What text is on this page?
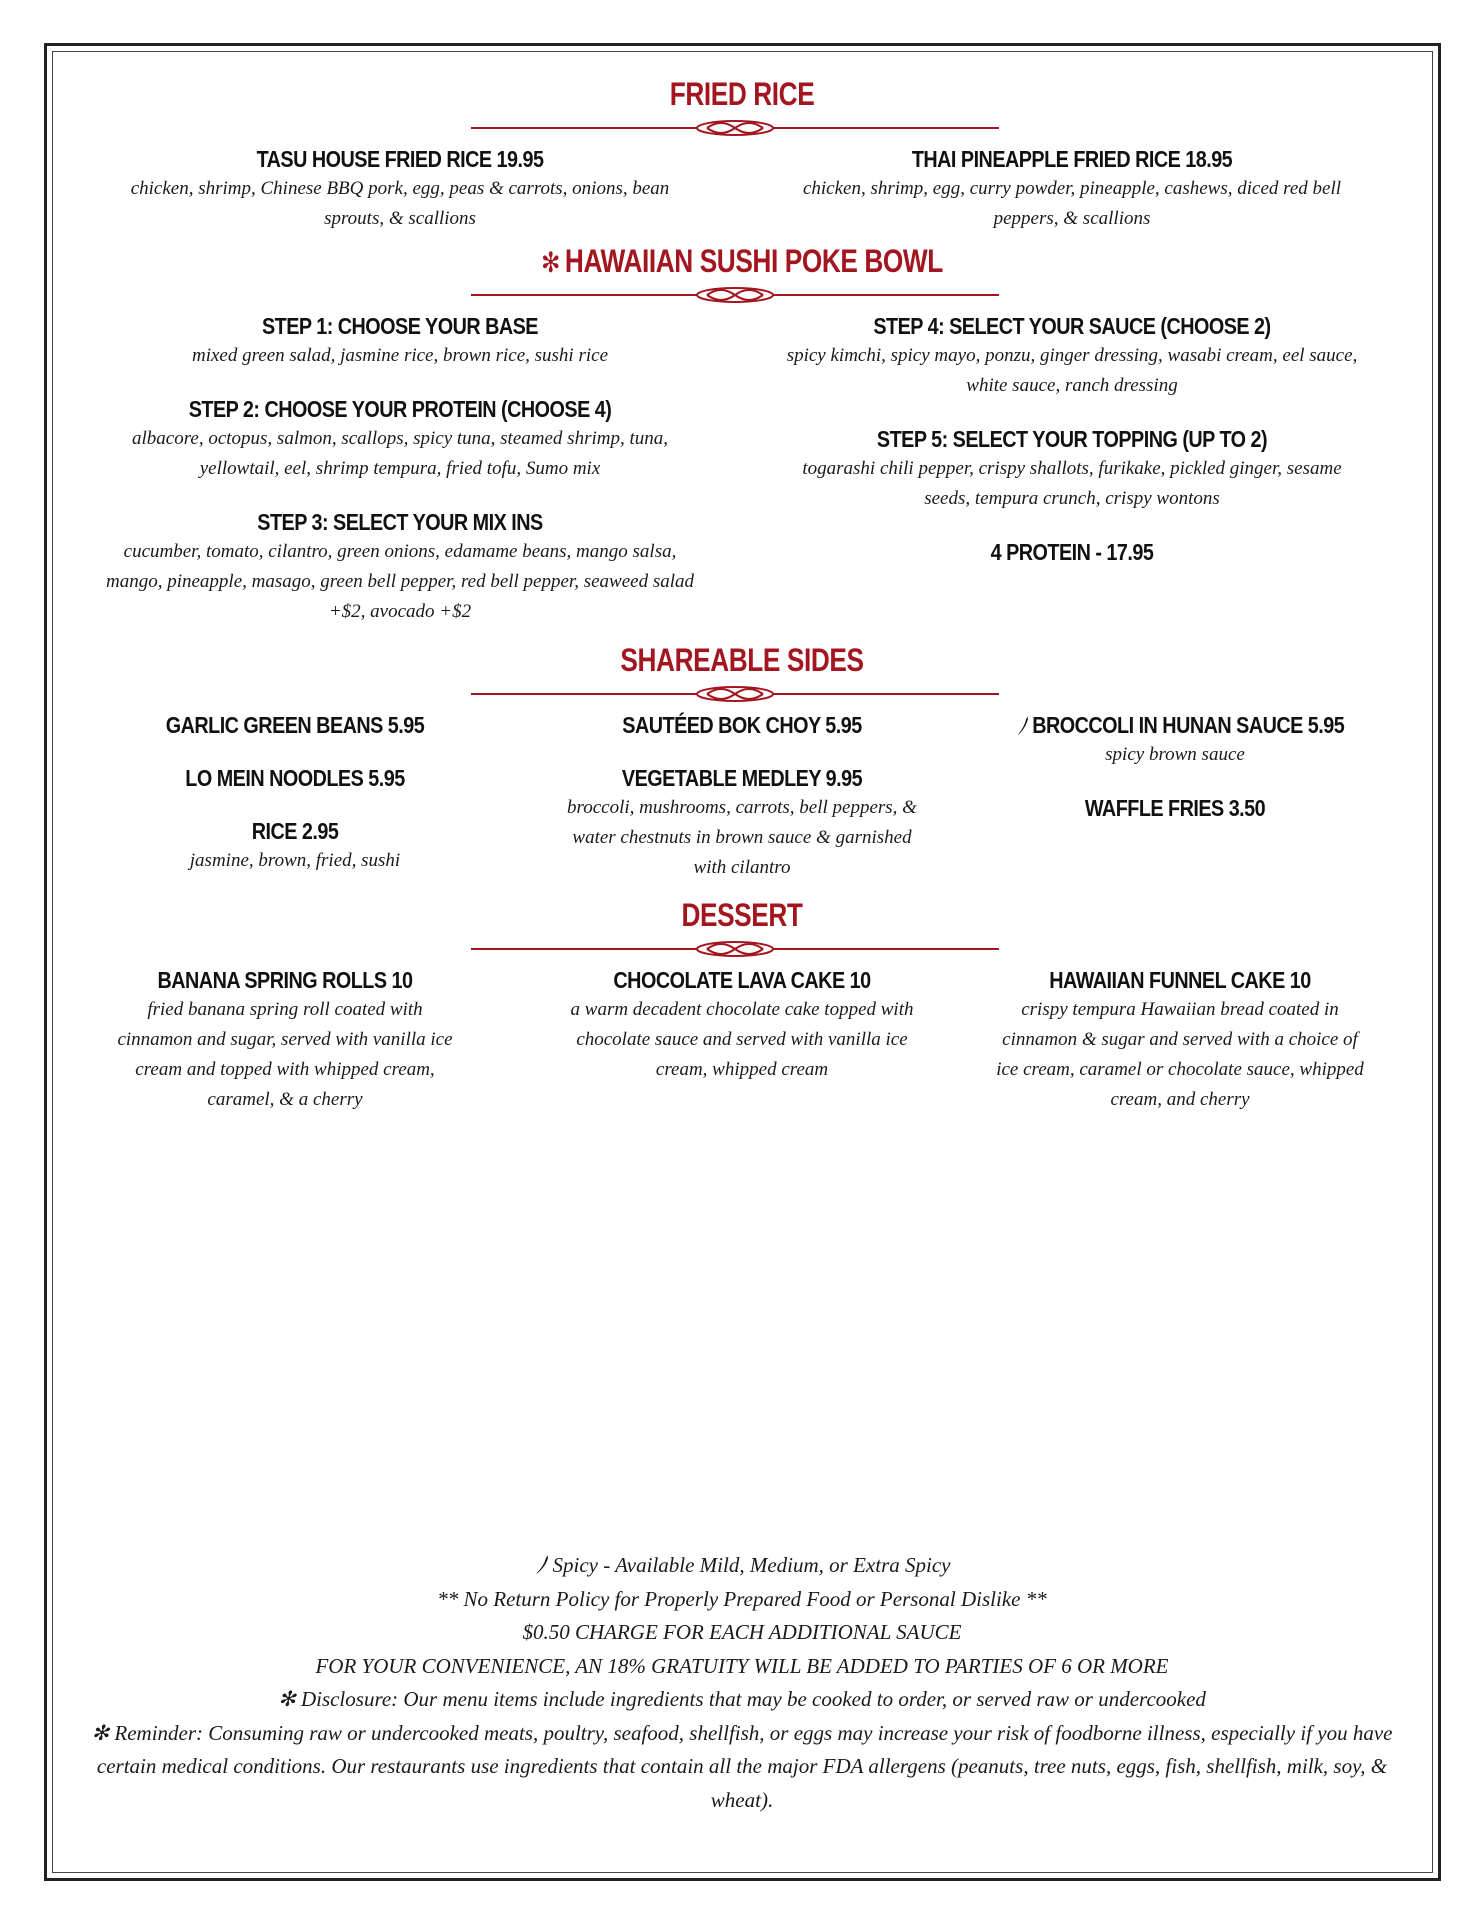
FRIED RICE
TASU HOUSE FRIED RICE 19.95
chicken, shrimp, Chinese BBQ pork, egg, peas & carrots, onions, bean sprouts, & scallions
THAI PINEAPPLE FRIED RICE 18.95
chicken, shrimp, egg, curry powder, pineapple, cashews, diced red bell peppers, & scallions
✻ HAWAIIAN SUSHI POKE BOWL
STEP 1: CHOOSE YOUR BASE
mixed green salad, jasmine rice, brown rice, sushi rice
STEP 2: CHOOSE YOUR PROTEIN (CHOOSE 4)
albacore, octopus, salmon, scallops, spicy tuna, steamed shrimp, tuna, yellowtail, eel, shrimp tempura, fried tofu, Sumo mix
STEP 3: SELECT YOUR MIX INS
cucumber, tomato, cilantro, green onions, edamame beans, mango salsa, mango, pineapple, masago, green bell pepper, red bell pepper, seaweed salad +$2, avocado +$2
STEP 4: SELECT YOUR SAUCE (CHOOSE 2)
spicy kimchi, spicy mayo, ponzu, ginger dressing, wasabi cream, eel sauce, white sauce, ranch dressing
STEP 5: SELECT YOUR TOPPING (UP TO 2)
togarashi chili pepper, crispy shallots, furikake, pickled ginger, sesame seeds, tempura crunch, crispy wontons
4 PROTEIN - 17.95
SHAREABLE SIDES
GARLIC GREEN BEANS 5.95
LO MEIN NOODLES 5.95
RICE 2.95
jasmine, brown, fried, sushi
SAUTÉED BOK CHOY 5.95
VEGETABLE MEDLEY 9.95
broccoli, mushrooms, carrots, bell peppers, & water chestnuts in brown sauce & garnished with cilantro
BROCCOLI IN HUNAN SAUCE 5.95
spicy brown sauce
WAFFLE FRIES 3.50
DESSERT
BANANA SPRING ROLLS 10
fried banana spring roll coated with cinnamon and sugar, served with vanilla ice cream and topped with whipped cream, caramel, & a cherry
CHOCOLATE LAVA CAKE 10
a warm decadent chocolate cake topped with chocolate sauce and served with vanilla ice cream, whipped cream
HAWAIIAN FUNNEL CAKE 10
crispy tempura Hawaiian bread coated in cinnamon & sugar and served with a choice of ice cream, caramel or chocolate sauce, whipped cream, and cherry
Spicy - Available Mild, Medium, or Extra Spicy
** No Return Policy for Properly Prepared Food or Personal Dislike **
$0.50 CHARGE FOR EACH ADDITIONAL SAUCE
FOR YOUR CONVENIENCE, AN 18% GRATUITY WILL BE ADDED TO PARTIES OF 6 OR MORE
✻ Disclosure: Our menu items include ingredients that may be cooked to order, or served raw or undercooked
✻ Reminder: Consuming raw or undercooked meats, poultry, seafood, shellfish, or eggs may increase your risk of foodborne illness, especially if you have certain medical conditions. Our restaurants use ingredients that contain all the major FDA allergens (peanuts, tree nuts, eggs, fish, shellfish, milk, soy, & wheat).
